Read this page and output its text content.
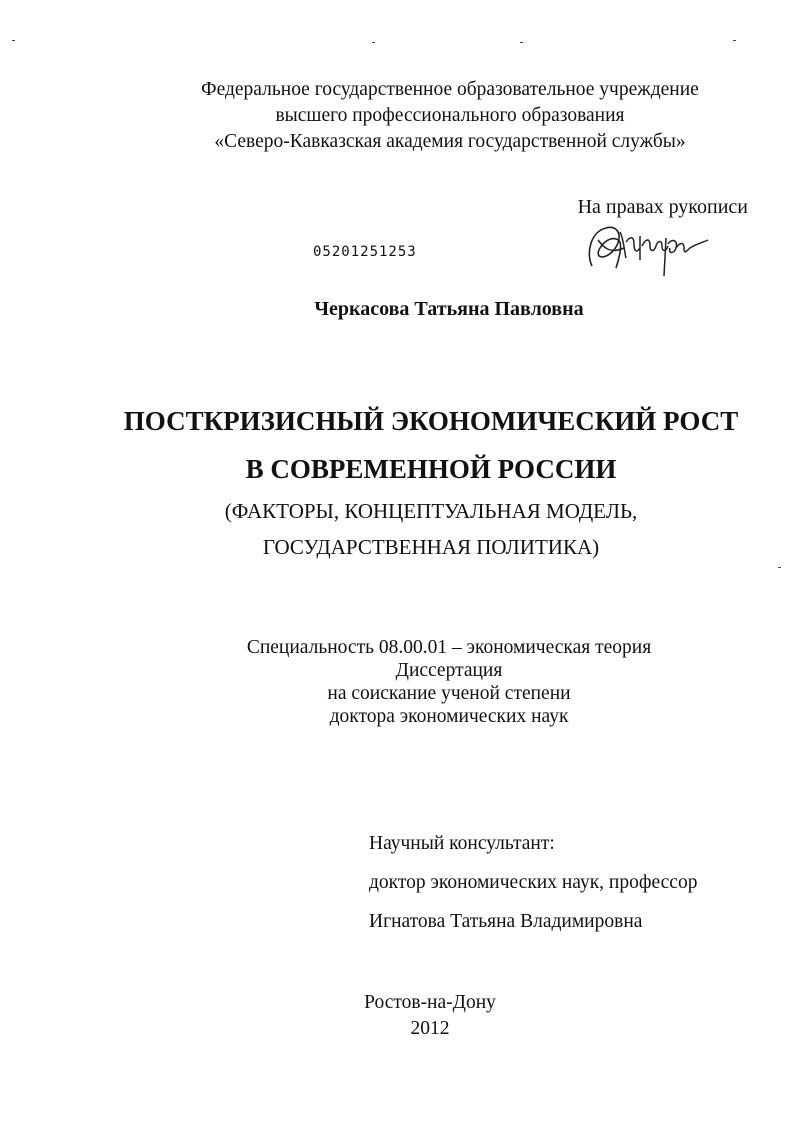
Федеральное государственное образовательное учреждение
высшего профессионального образования
«Северо-Кавказская академия государственной службы»
На правах рукописи
05201251253
Черкасова Татьяна Павловна
ПОСТКРИЗИСНЫЙ ЭКОНОМИЧЕСКИЙ РОСТ
В СОВРЕМЕННОЙ РОССИИ
(ФАКТОРЫ, КОНЦЕПТУАЛЬНАЯ МОДЕЛЬ,
ГОСУДАРСТВЕННАЯ ПОЛИТИКА)
Специальность 08.00.01 – экономическая теория
Диссертация
на соискание ученой степени
доктора экономических наук
Научный консультант:
доктор экономических наук, профессор
Игнатова Татьяна Владимировна
Ростов-на-Дону
2012
